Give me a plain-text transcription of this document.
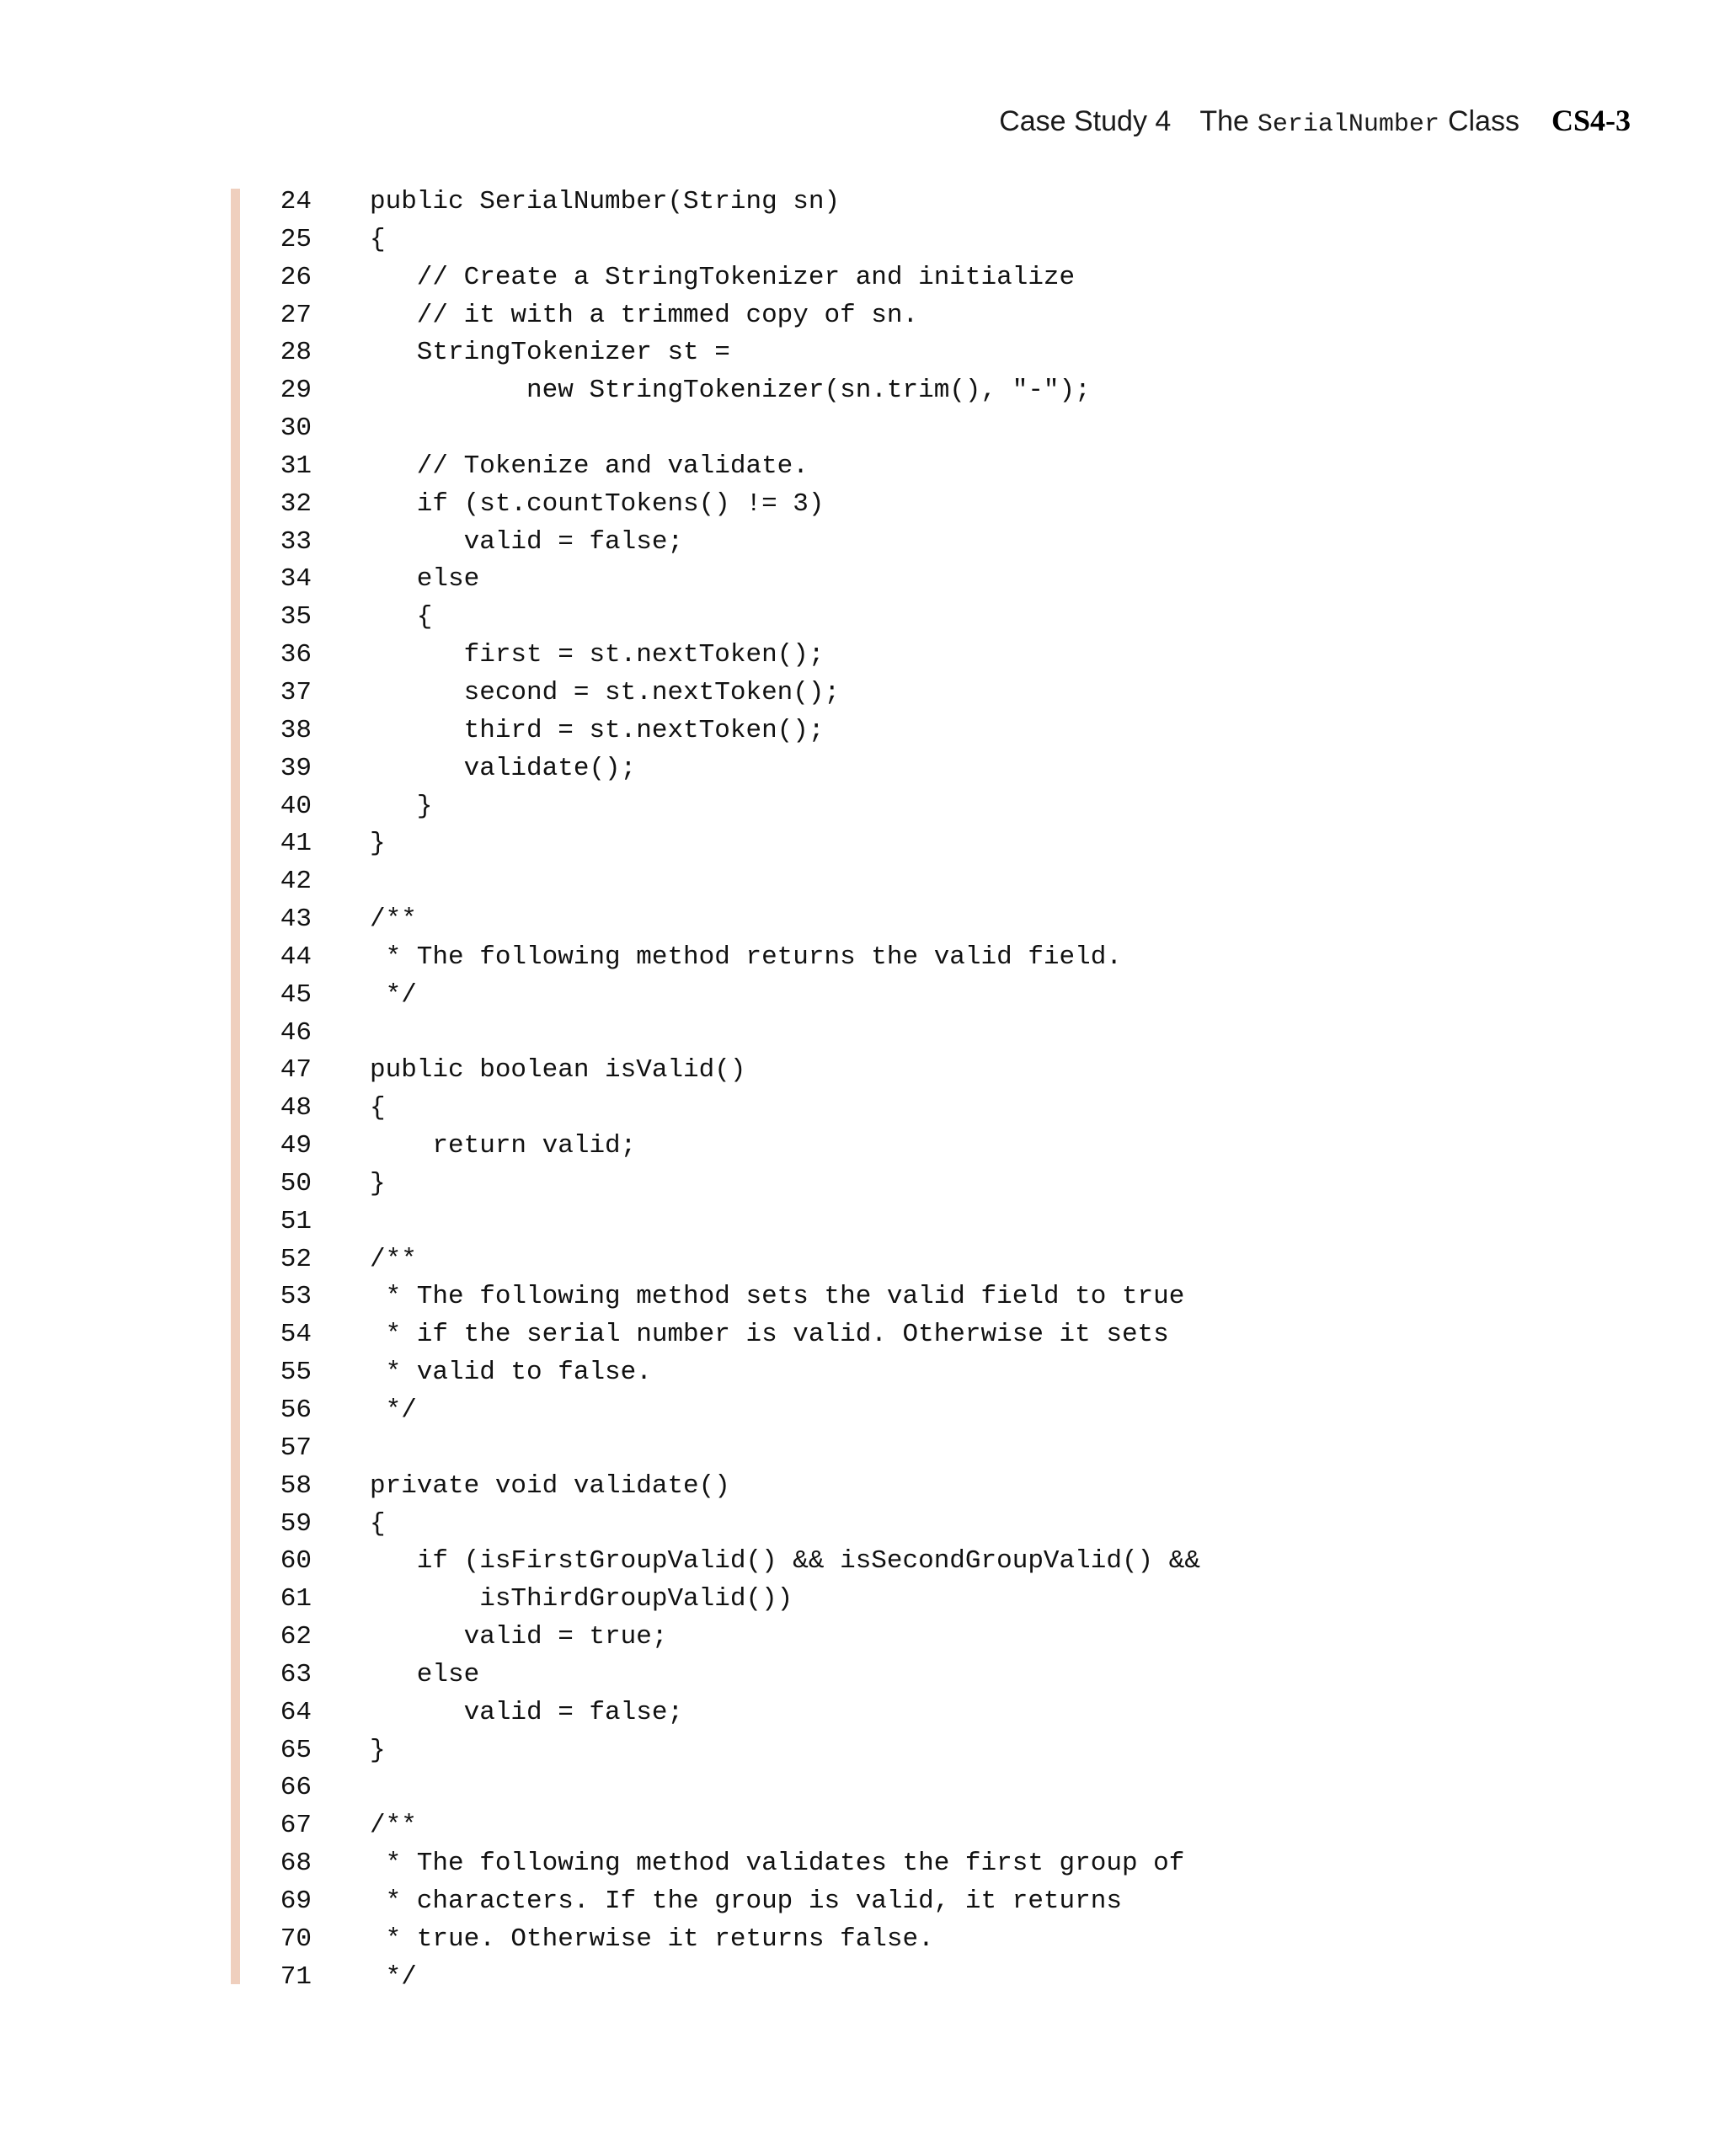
Case Study 4 The SerialNumber Class CS4-3
24 public SerialNumber(String sn)
25 {
26 // Create a StringTokenizer and initialize
27 // it with a trimmed copy of sn.
28 StringTokenizer st =
29 new StringTokenizer(sn.trim(), "-");
30
31 // Tokenize and validate.
32 if (st.countTokens() != 3)
33 valid = false;
34 else
35 {
36 first = st.nextToken();
37 second = st.nextToken();
38 third = st.nextToken();
39 validate();
40 }
41 }
42
43 /**
44 * The following method returns the valid field.
45 */
46
47 public boolean isValid()
48 {
49 return valid;
50 }
51
52 /**
53 * The following method sets the valid field to true
54 * if the serial number is valid. Otherwise it sets
55 * valid to false.
56 */
57
58 private void validate()
59 {
60 if (isFirstGroupValid() && isSecondGroupValid() &&
61 isThirdGroupValid())
62 valid = true;
63 else
64 valid = false;
65 }
66
67 /**
68 * The following method validates the first group of
69 * characters. If the group is valid, it returns
70 * true. Otherwise it returns false.
71 */
